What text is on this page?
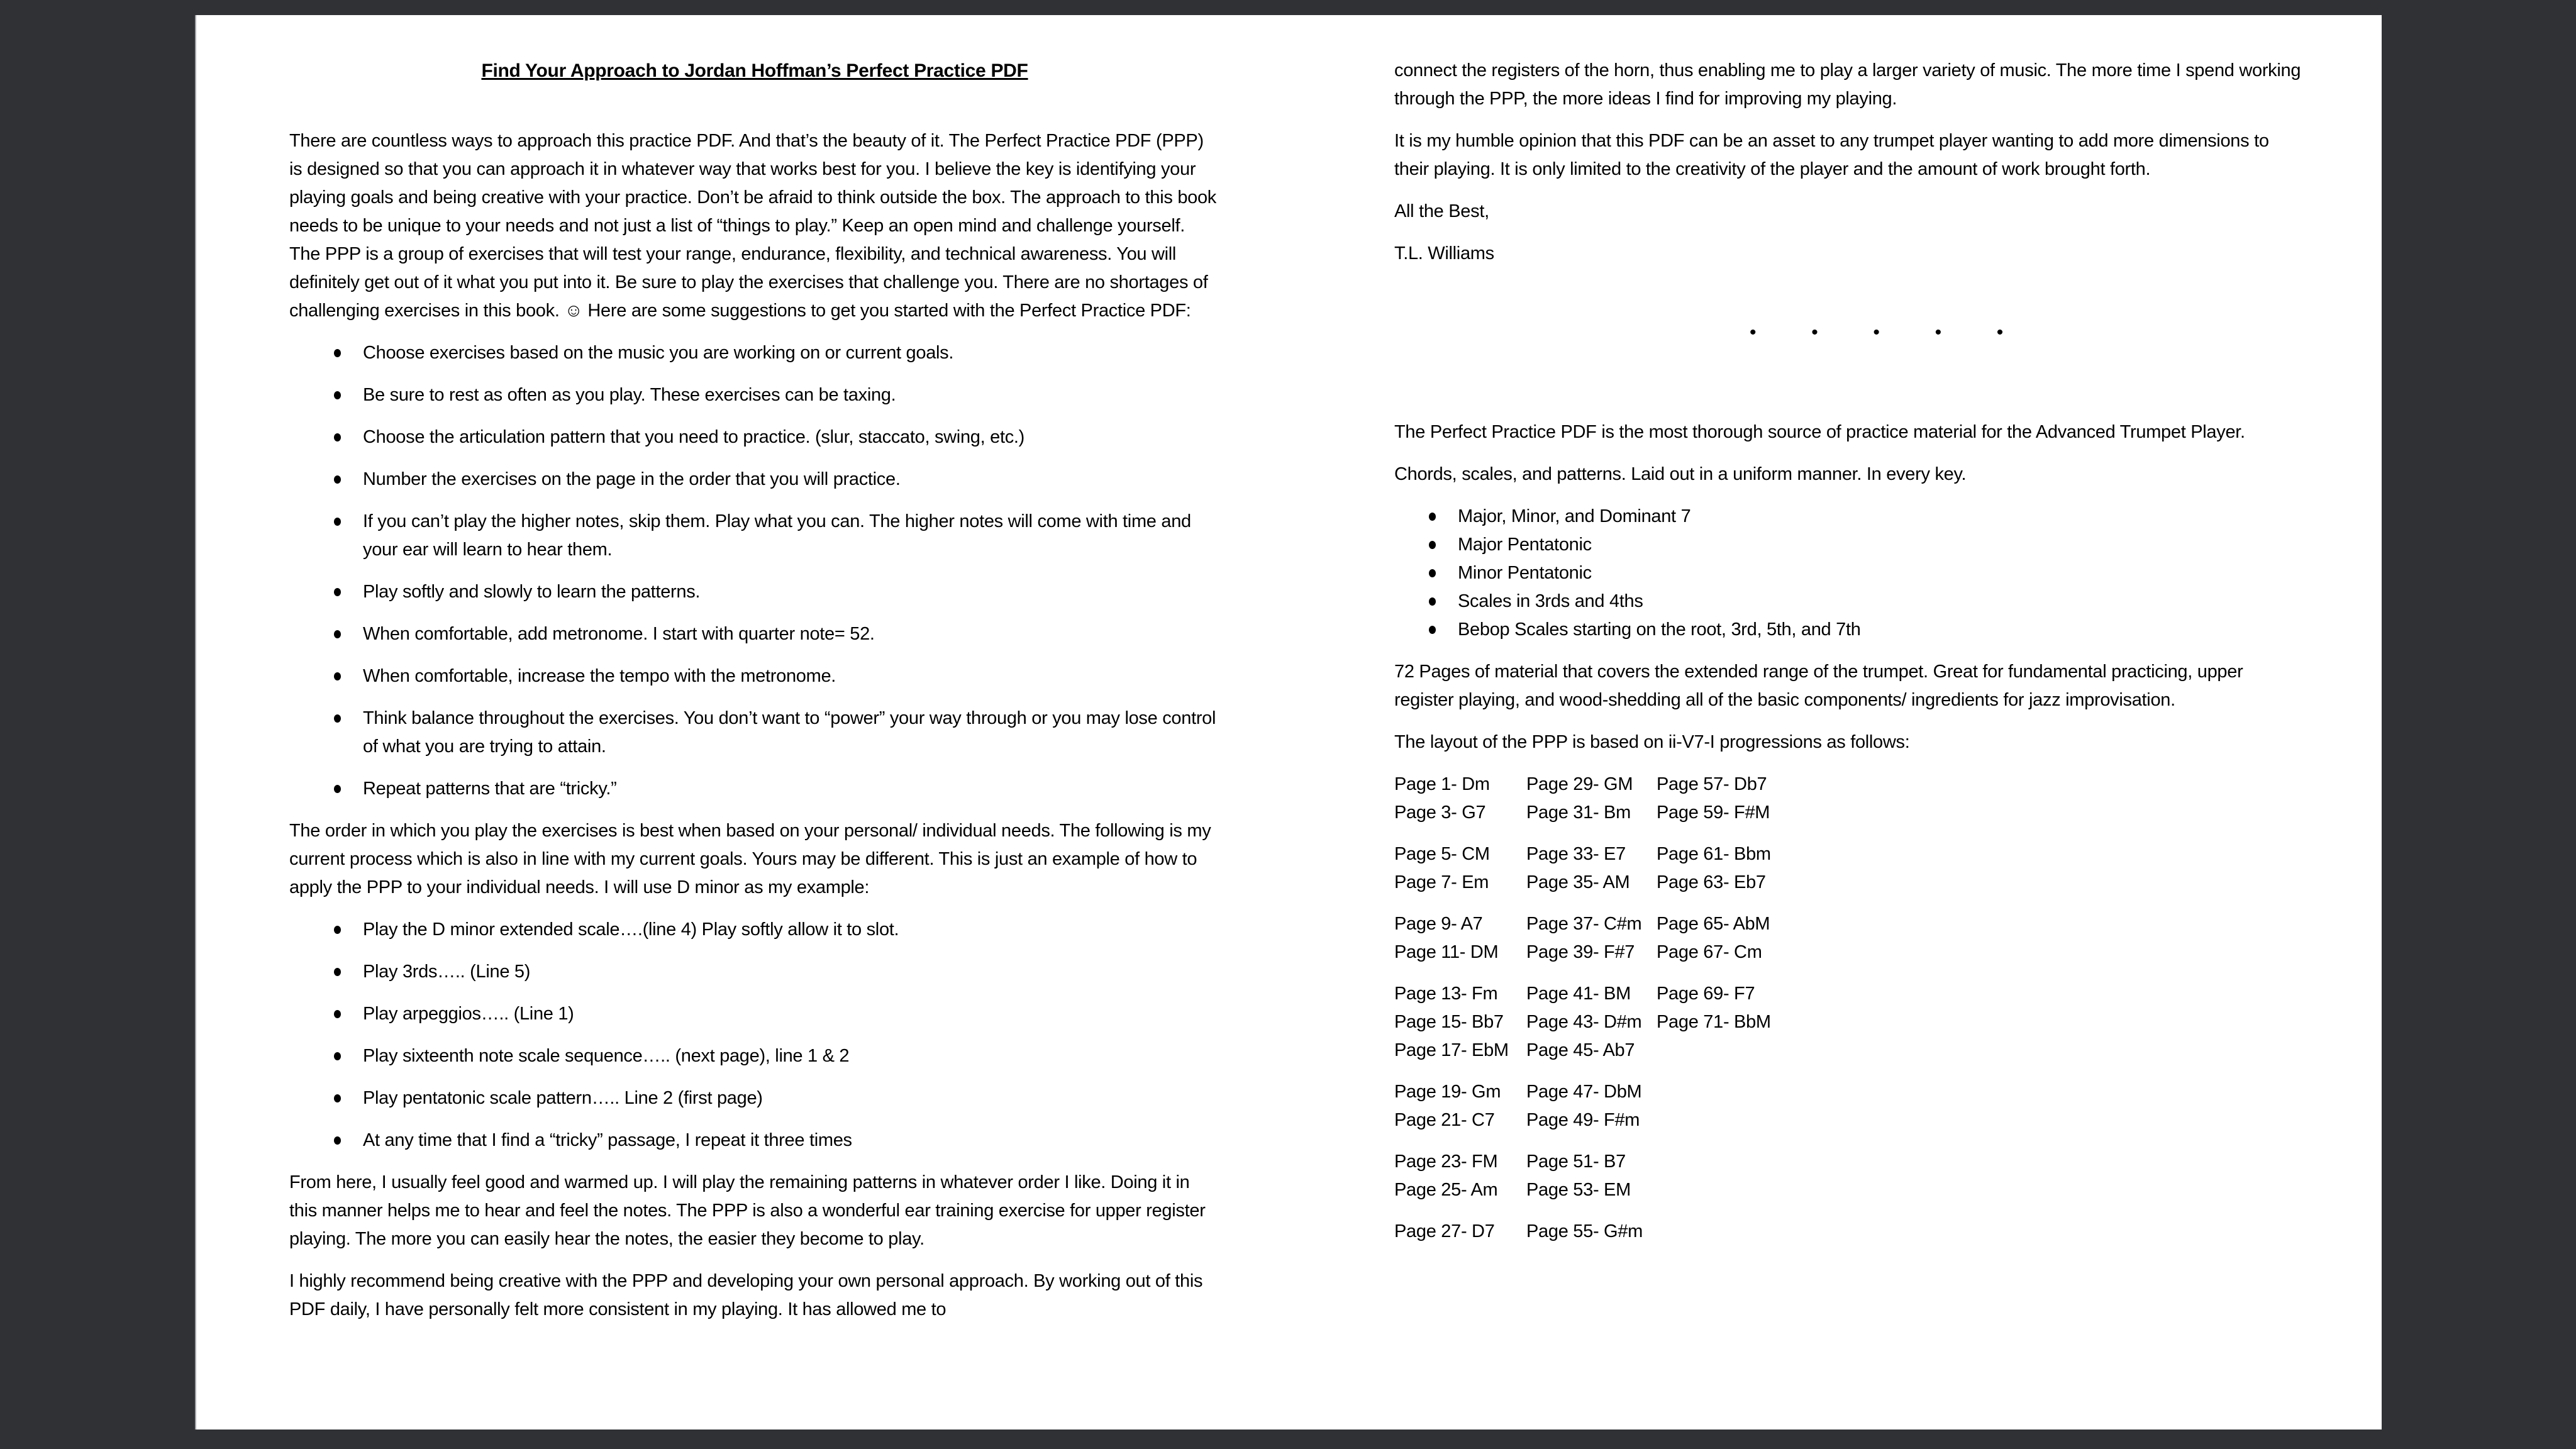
Find Your Approach to Jordan Hoffman’s Perfect Practice PDF

There are countless ways to approach this practice PDF. And that’s the beauty of it. The Perfect Practice PDF (PPP) is designed so that you can approach it in whatever way that works best for you. I believe the key is identifying your playing goals and being creative with your practice. Don’t be afraid to think outside the box. The approach to this book needs to be unique to your needs and not just a list of “things to play.” Keep an open mind and challenge yourself. The PPP is a group of exercises that will test your range, endurance, flexibility, and technical awareness. You will definitely get out of it what you put into it. Be sure to play the exercises that challenge you. There are no shortages of challenging exercises in this book. ☺ Here are some suggestions to get you started with the Perfect Practice PDF:

Choose exercises based on the music you are working on or current goals.
Be sure to rest as often as you play. These exercises can be taxing.
Choose the articulation pattern that you need to practice. (slur, staccato, swing, etc.)
Number the exercises on the page in the order that you will practice.
If you can’t play the higher notes, skip them. Play what you can. The higher notes will come with time and your ear will learn to hear them.
Play softly and slowly to learn the patterns.
When comfortable, add metronome. I start with quarter note= 52.
When comfortable, increase the tempo with the metronome.
Think balance throughout the exercises. You don’t want to “power” your way through or you may lose control of what you are trying to attain.
Repeat patterns that are “tricky.”

The order in which you play the exercises is best when based on your personal/ individual needs. The following is my current process which is also in line with my current goals. Yours may be different. This is just an example of how to apply the PPP to your individual needs. I will use D minor as my example:

Play the D minor extended scale….(line 4) Play softly allow it to slot.
Play 3rds….. (Line 5)
Play arpeggios….. (Line 1)
Play sixteenth note scale sequence….. (next page), line 1 & 2
Play pentatonic scale pattern….. Line 2 (first page)
At any time that I find a “tricky” passage, I repeat it three times

From here, I usually feel good and warmed up. I will play the remaining patterns in whatever order I like. Doing it in this manner helps me to hear and feel the notes. The PPP is also a wonderful ear training exercise for upper register playing. The more you can easily hear the notes, the easier they become to play.

I highly recommend being creative with the PPP and developing your own personal approach. By working out of this PDF daily, I have personally felt more consistent in my playing. It has allowed me to

connect the registers of the horn, thus enabling me to play a larger variety of music. The more time I spend working through the PPP, the more ideas I find for improving my playing.

It is my humble opinion that this PDF can be an asset to any trumpet player wanting to add more dimensions to their playing. It is only limited to the creativity of the player and the amount of work brought forth.

All the Best,

T.L. Williams

•	•	•	•	•

The Perfect Practice PDF is the most thorough source of practice material for the Advanced Trumpet Player.

Chords, scales, and patterns. Laid out in a uniform manner. In every key.

Major, Minor, and Dominant 7
Major Pentatonic
Minor Pentatonic
Scales in 3rds and 4ths
Bebop Scales starting on the root, 3rd, 5th, and 7th

72 Pages of material that covers the extended range of the trumpet. Great for fundamental practicing, upper register playing, and wood-shedding all of the basic components/ ingredients for jazz improvisation.

The layout of the PPP is based on ii-V7-I progressions as follows:

Page 1- Dm	Page 29- GM	Page 57- Db7
Page 3- G7	Page 31- Bm	Page 59- F#M
Page 5- CM	Page 33- E7	Page 61- Bbm
Page 7- Em	Page 35- AM	Page 63- Eb7
Page 9- A7	Page 37- C#m Page 65- AbM
Page 11- DM	Page 39- F#7	Page 67- Cm
Page 13- Fm	Page 41- BM	Page 69- F7
Page 15- Bb7	Page 43- D#m Page 71- BbM
Page 17- EbM Page 45- Ab7
Page 19- Gm	Page 47- DbM
Page 21- C7	Page 49- F#m
Page 23- FM	Page 51- B7
Page 25- Am	Page 53- EM
Page 27- D7	Page 55- G#m
